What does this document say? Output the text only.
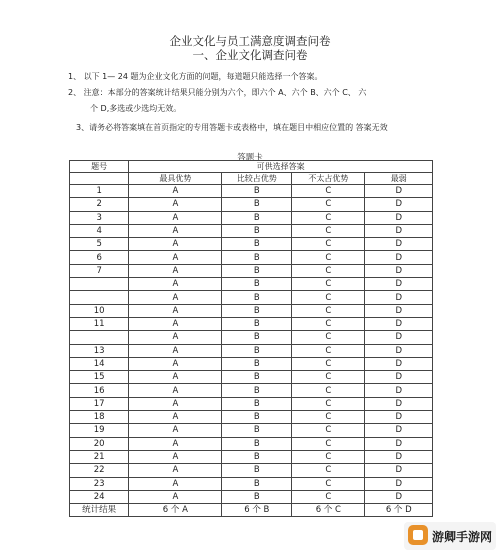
企业文化与员工满意度调查问卷
一、企业文化调查问卷
1、 以下 1— 24 题为企业文化方面的问题，每道题只能选择一个答案。
2、 注意：本部分的答案统计结果只能分别为六个，即六个 A、六个 B、六个 C、 六
个 D,多选或少选均无效。
3、请务必将答案填在首页指定的专用答题卡或表格中，填在题目中相应位置的 答案无效
答题卡
题号	可供选择答案			
	最具优势	比较占优势	不太占优势	最弱
1	A	B	C	D
2	A	B	C	D
3	A	B	C	D
4	A	B	C	D
5	A	B	C	D
6	A	B	C	D
7	A	B	C	D
	A	B	C	D
	A	B	C	D
10	A	B	C	D
11	A	B	C	D
	A	B	C	D
13	A	B	C	D
14	A	B	C	D
15	A	B	C	D
16	A	B	C	D
17	A	B	C	D
18	A	B	C	D
19	A	B	C	D
20	A	B	C	D
21	A	B	C	D
22	A	B	C	D
23	A	B	C	D
24	A	B	C	D
统计结果	6 个 A	6 个 B	6 个 C	6 个 D
游卿手游网
